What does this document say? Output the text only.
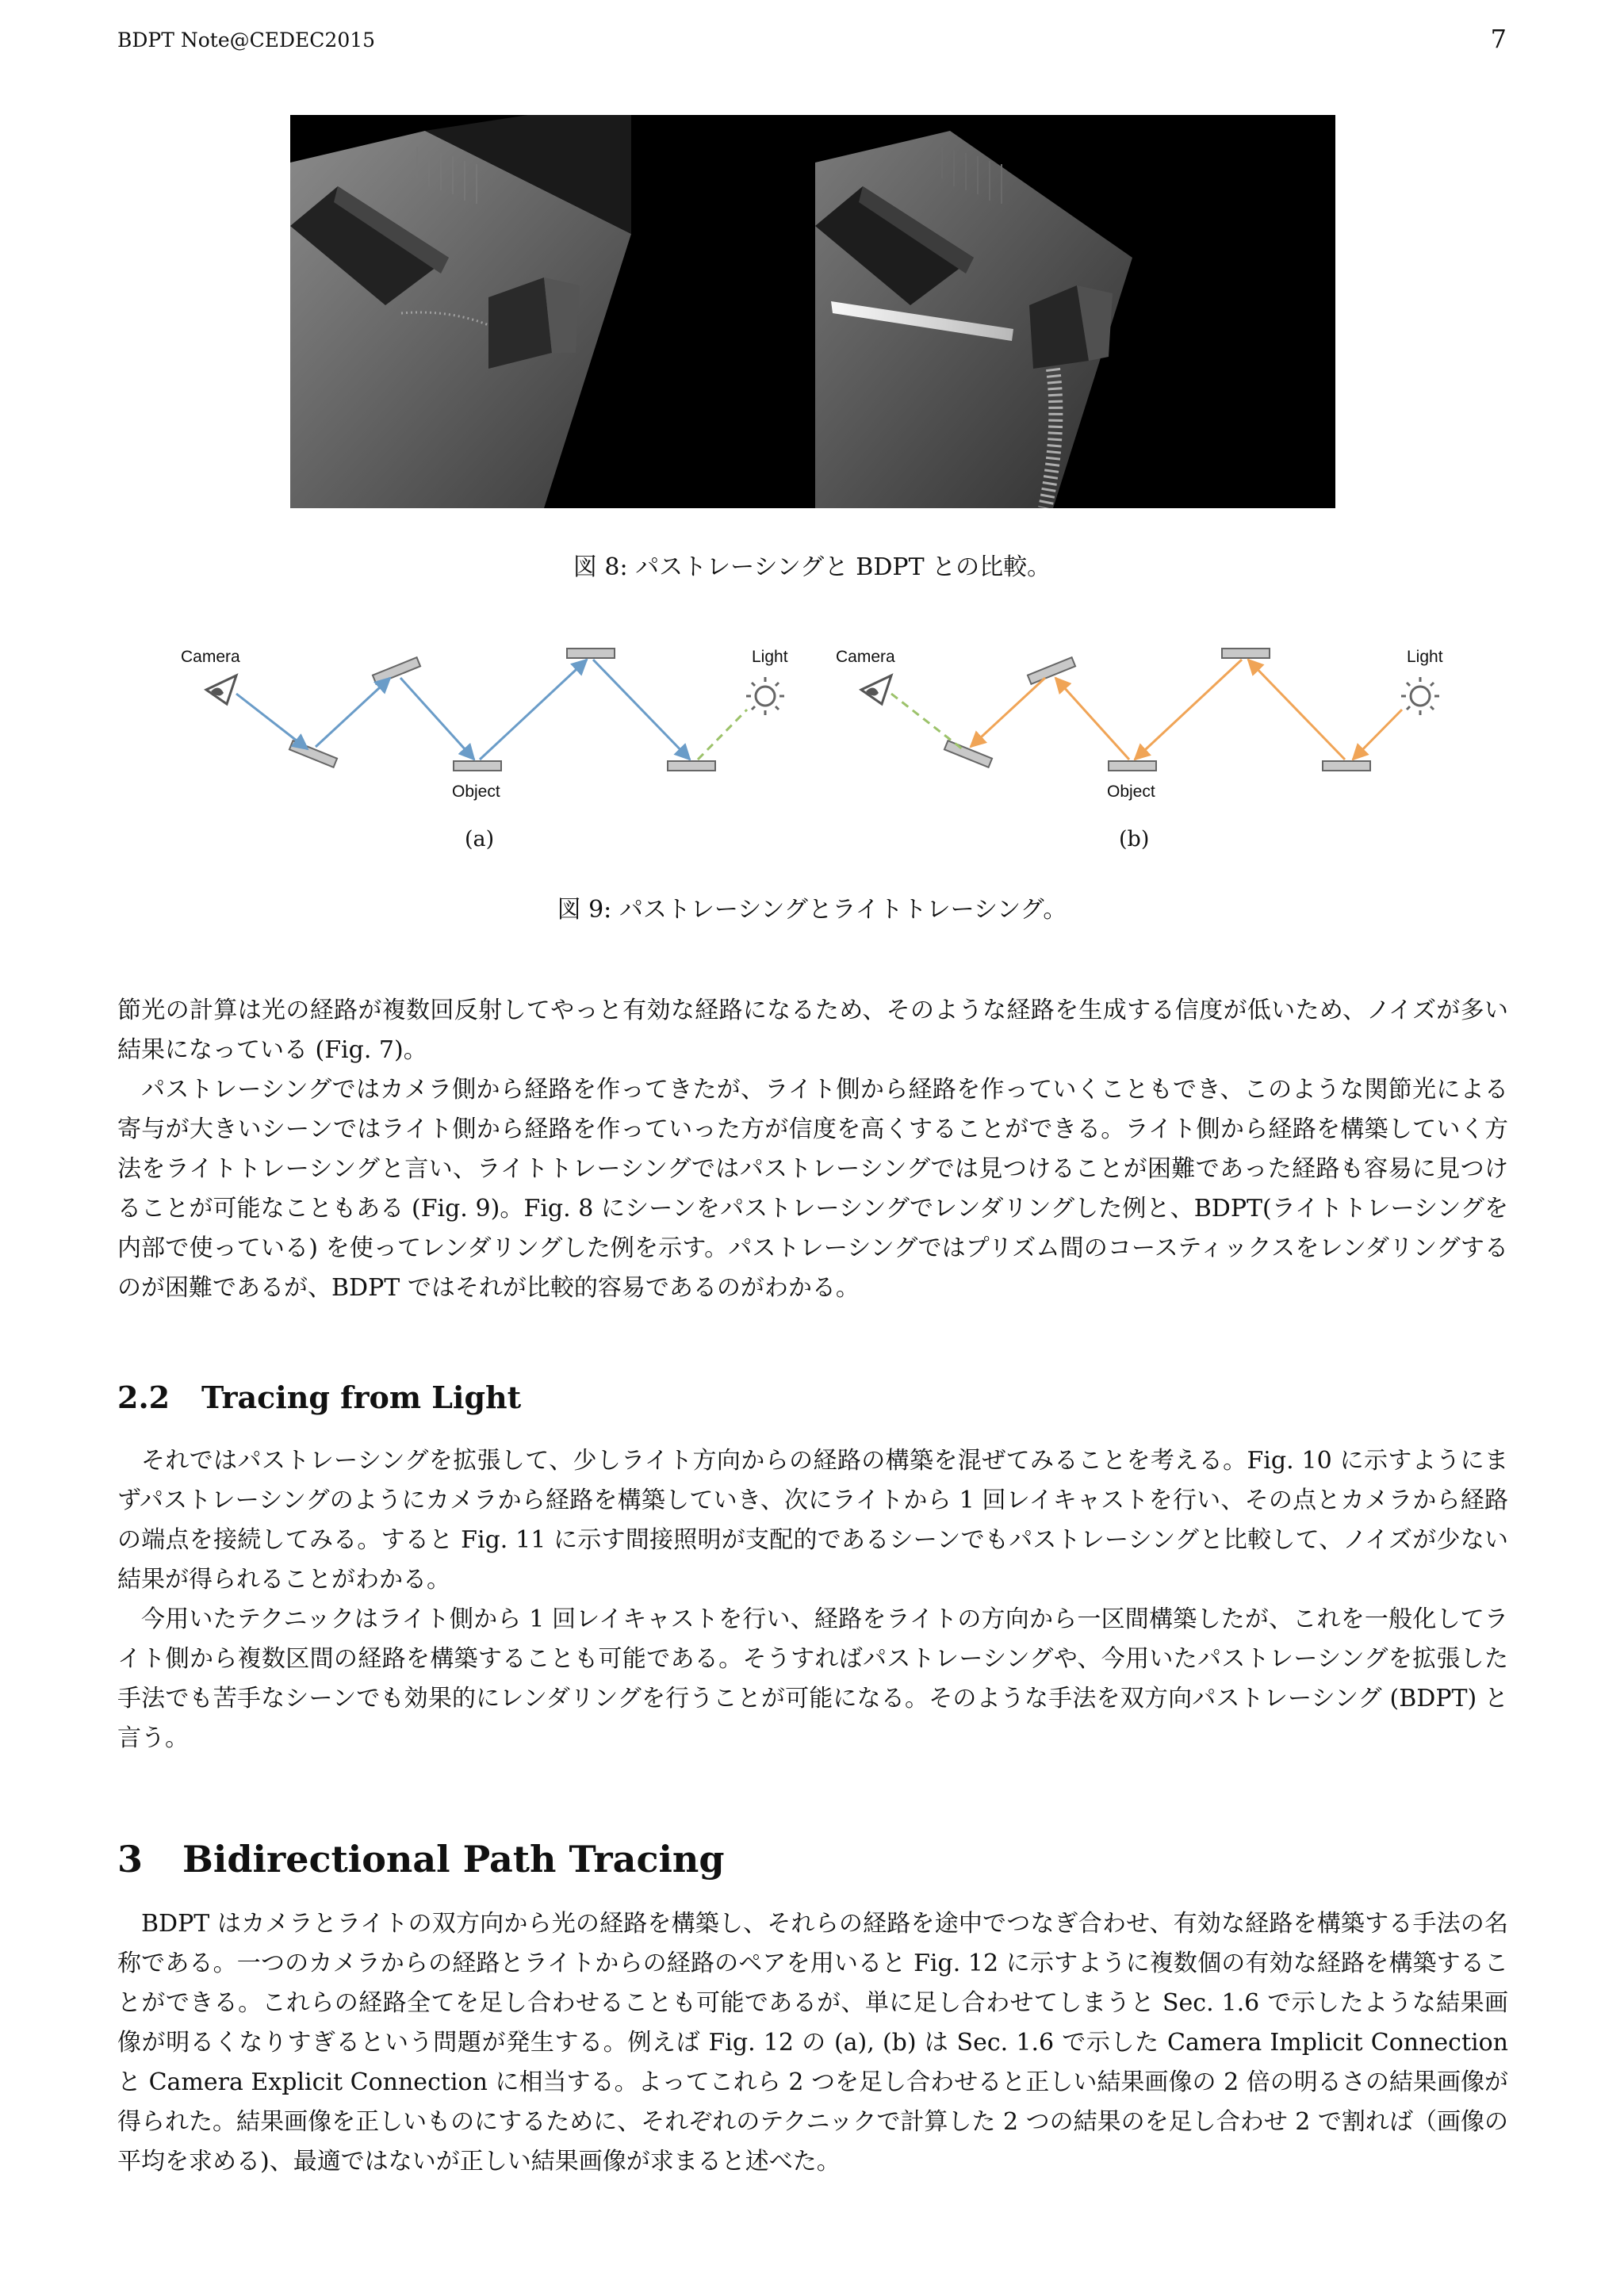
BDPT Note@CEDEC2015	7
図 8: パストレーシングと BDPT との比較。
Camera	Light
Object
Camera	Light
Object
(a)	(b)
図 9: パストレーシングとライトトレーシング。

節光の計算は光の経路が複数回反射してやっと有効な経路になるため、そのような経路を生成する信度が低いため、ノイズが多い結果になっている (Fig. 7)。

パストレーシングではカメラ側から経路を作ってきたが、ライト側から経路を作っていくこともでき、このような関節光による寄与が大きいシーンではライト側から経路を作っていった方が信度を高くすることができる。ライト側から経路を構築していく方法をライトトレーシングと言い、ライトトレーシングではパストレーシングでは見つけることが困難であった経路も容易に見つけることが可能なこともある (Fig. 9)。Fig. 8 にシーンをパストレーシングでレンダリングした例と、BDPT(ライトトレーシングを内部で使っている) を使ってレンダリングした例を示す。パストレーシングではプリズム間のコースティックスをレンダリングするのが困難であるが、BDPT ではそれが比較的容易であるのがわかる。

2.2 Tracing from Light

それではパストレーシングを拡張して、少しライト方向からの経路の構築を混ぜてみることを考える。Fig. 10 に示すようにまずパストレーシングのようにカメラから経路を構築していき、次にライトから 1 回レイキャストを行い、その点とカメラから経路の端点を接続してみる。すると Fig. 11 に示す間接照明が支配的であるシーンでもパストレーシングと比較して、ノイズが少ない結果が得られることがわかる。

今用いたテクニックはライト側から 1 回レイキャストを行い、経路をライトの方向から一区間構築したが、これを一般化してライト側から複数区間の経路を構築することも可能である。そうすればパストレーシングや、今用いたパストレーシングを拡張した手法でも苦手なシーンでも効果的にレンダリングを行うことが可能になる。そのような手法を双方向パストレーシング (BDPT) と言う。

3 Bidirectional Path Tracing

BDPT はカメラとライトの双方向から光の経路を構築し、それらの経路を途中でつなぎ合わせ、有効な経路を構築する手法の名称である。一つのカメラからの経路とライトからの経路のペアを用いると Fig. 12 に示すように複数個の有効な経路を構築することができる。これらの経路全てを足し合わせることも可能であるが、単に足し合わせてしまうと Sec. 1.6 で示したような結果画像が明るくなりすぎるという問題が発生する。例えば Fig. 12 の (a), (b) は Sec. 1.6 で示した Camera Implicit Connection と Camera Explicit Connection に相当する。よってこれら 2 つを足し合わせると正しい結果画像の 2 倍の明るさの結果画像が得られた。結果画像を正しいものにするために、それぞれのテクニックで計算した 2 つの結果のを足し合わせ 2 で割れば（画像の平均を求める)、最適ではないが正しい結果画像が求まると述べた。
